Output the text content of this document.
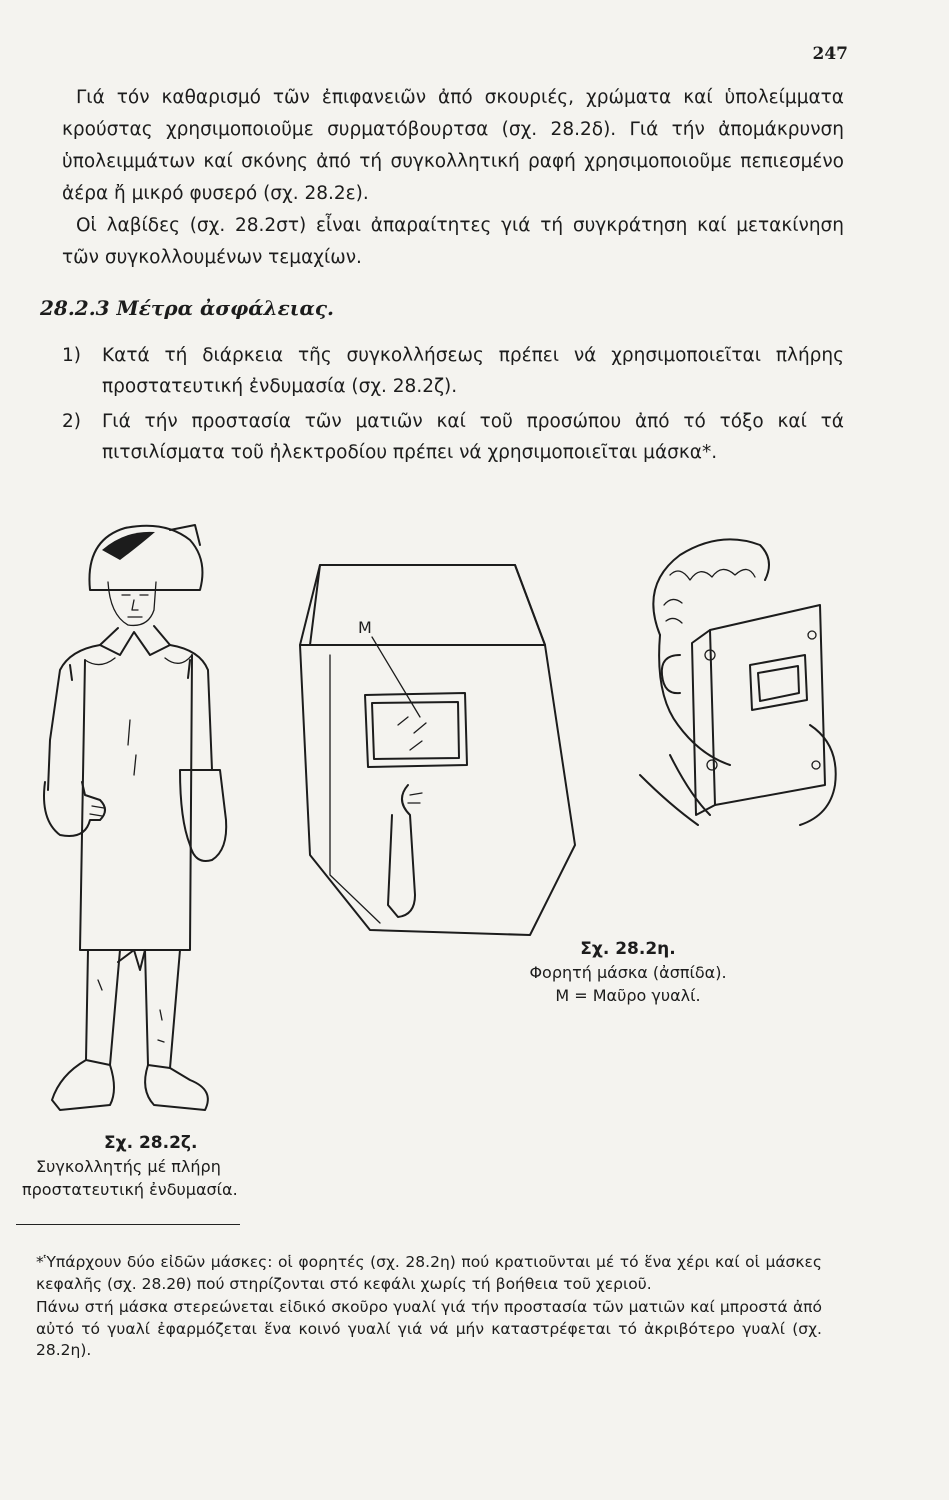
247

Γιά τόν καθαρισμό τῶν ἐπιφανειῶν ἀπό σκουριές, χρώματα καί ὑπολείμματα κρούστας χρησιμοποιοῦμε συρματόβουρτσα (σχ. 28.2δ). Γιά τήν ἀπομάκρυνση ὑπολειμμάτων καί σκόνης ἀπό τή συγκολλητική ραφή χρησιμοποιοῦμε πεπιεσμένο ἀέρα ἤ μικρό φυσερό (σχ. 28.2ε).

Οἱ λαβίδες (σχ. 28.2στ) εἶναι ἀπαραίτητες γιά τή συγκράτηση καί μετακίνηση τῶν συγκολλουμένων τεμαχίων.

28.2.3 Μέτρα ἀσφάλειας.
1) Κατά τή διάρκεια τῆς συγκολλήσεως πρέπει νά χρησιμοποιεῖται πλήρης προστατευτική ἐνδυμασία (σχ. 28.2ζ).
2) Γιά τήν προστασία τῶν ματιῶν καί τοῦ προσώπου ἀπό τό τόξο καί τά πιτσιλίσματα τοῦ ἠλεκτροδίου πρέπει νά χρησιμοποιεῖται μάσκα*.
Μ
Σχ. 28.2η.
Φορητή μάσκα (ἀσπίδα).
Μ = Μαῦρο γυαλί.
Σχ. 28.2ζ.
Συγκολλητής μέ πλήρη
προστατευτική ἐνδυμασία.

*Ὑπάρχουν δύο εἰδῶν μάσκες: οἱ φορητές (σχ. 28.2η) πού κρατιοῦνται μέ τό ἕνα χέρι καί οἱ μάσκες κεφαλῆς (σχ. 28.2θ) πού στηρίζονται στό κεφάλι χωρίς τή βοήθεια τοῦ χεριοῦ.

Πάνω στή μάσκα στερεώνεται εἰδικό σκοῦρο γυαλί γιά τήν προστασία τῶν ματιῶν καί μπροστά ἀπό αὐτό τό γυαλί ἐφαρμόζεται ἕνα κοινό γυαλί γιά νά μήν καταστρέφεται τό ἀκριβότερο γυαλί (σχ. 28.2η).
